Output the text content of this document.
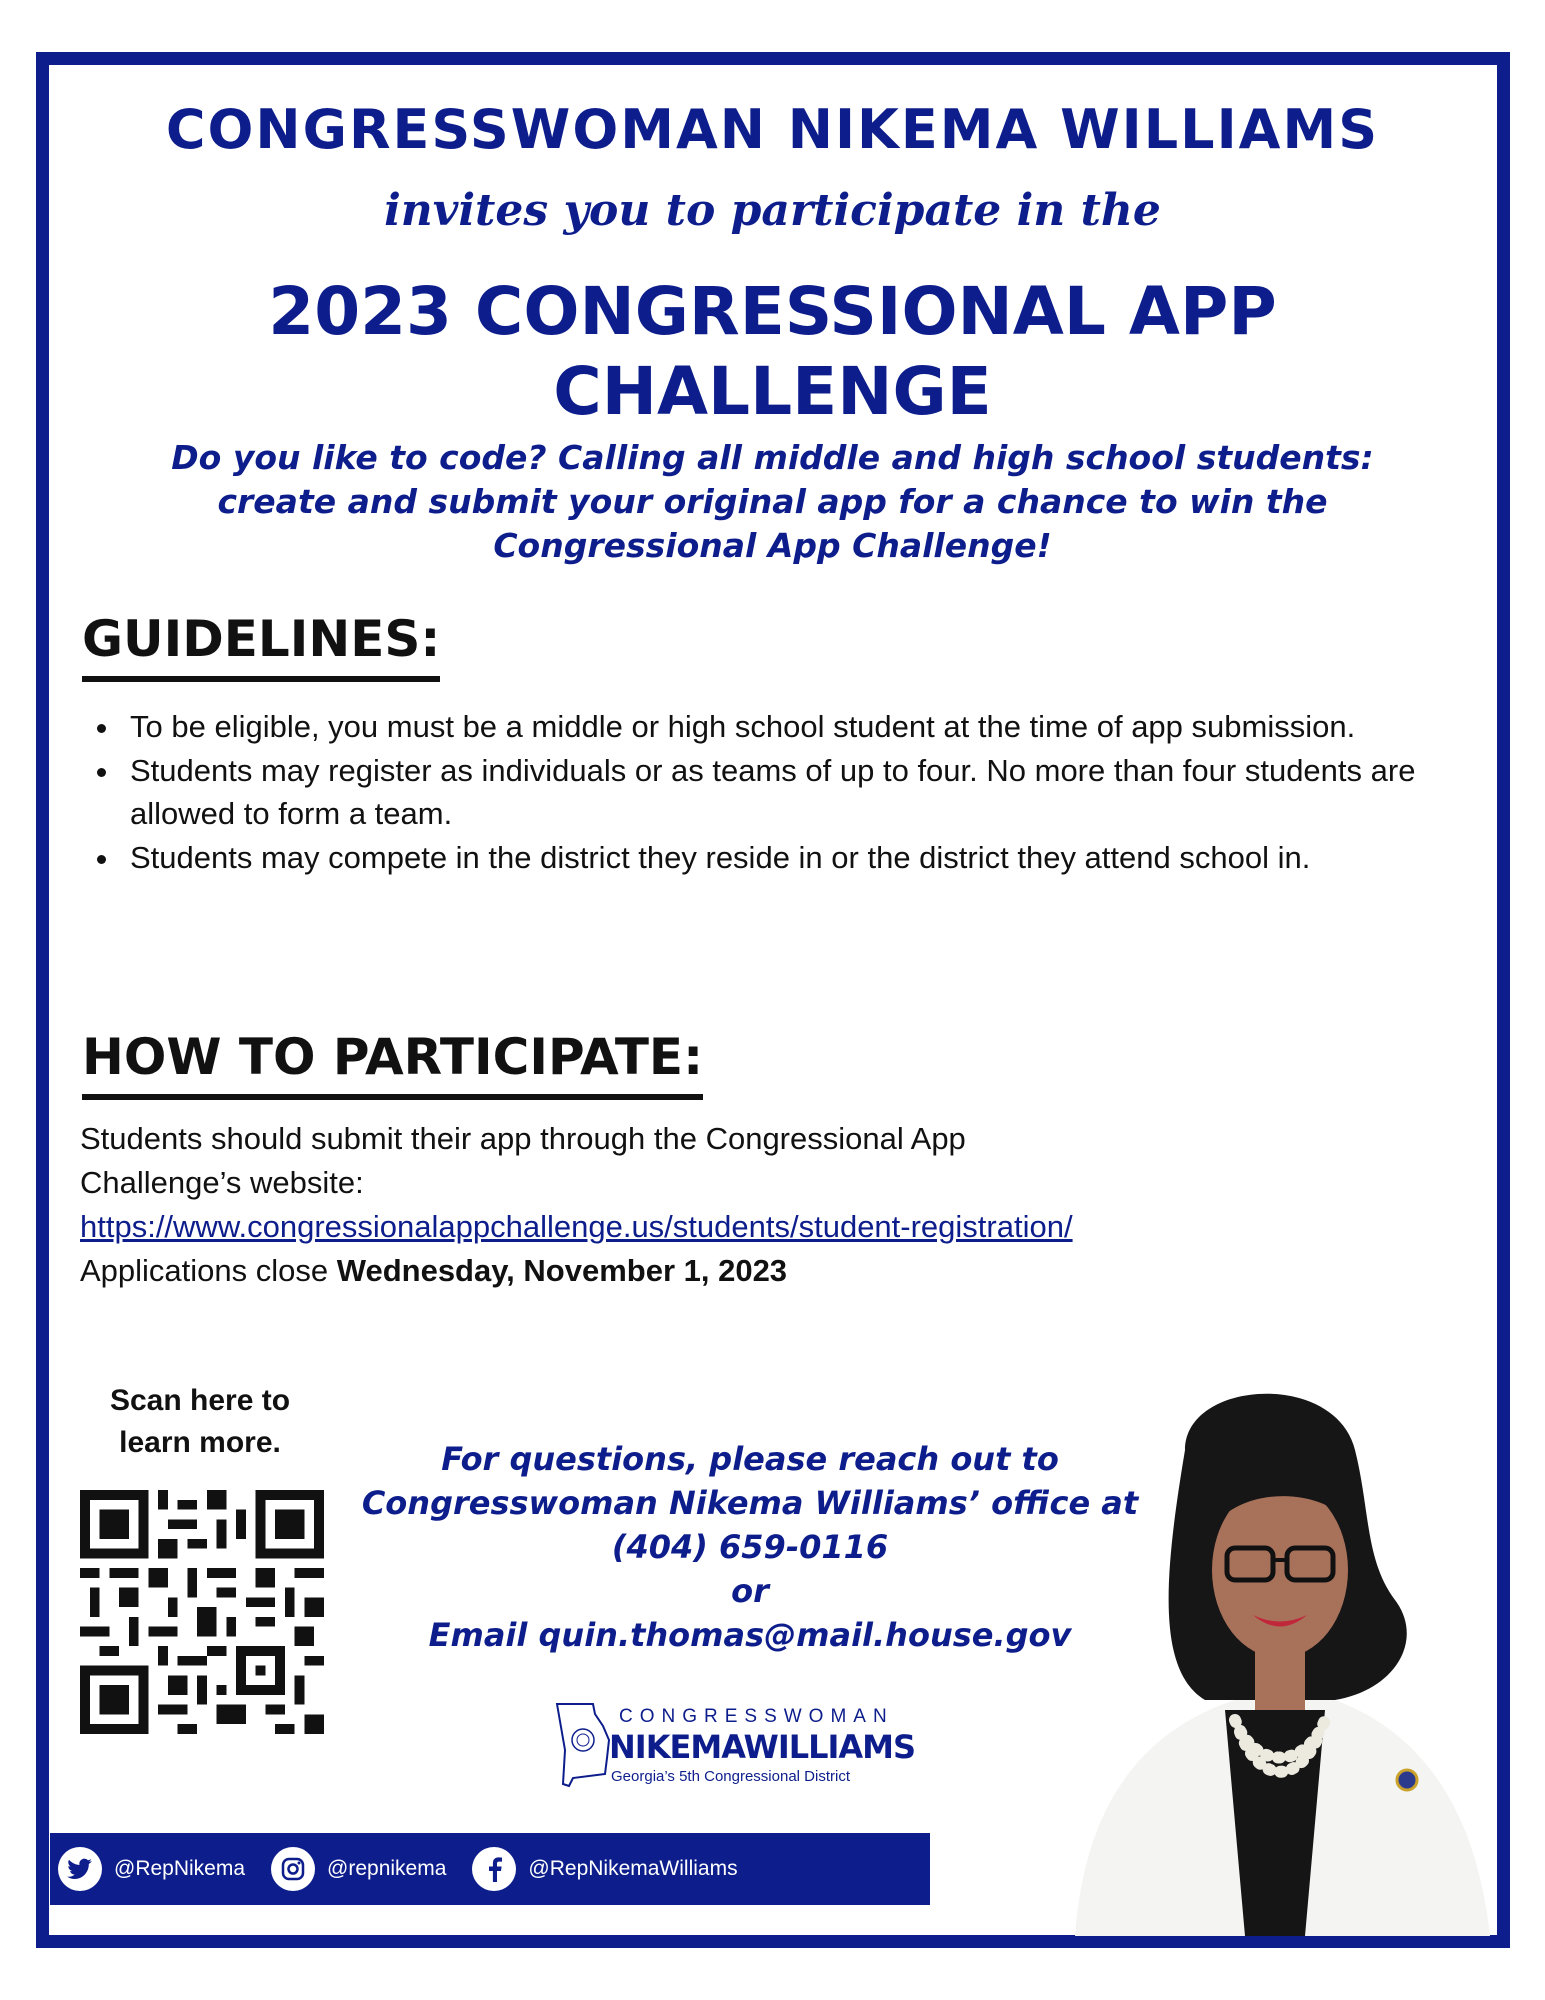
CONGRESSWOMAN NIKEMA WILLIAMS
invites you to participate in the
2023 CONGRESSIONAL APP
CHALLENGE
Do you like to code? Calling all middle and high school students:
create and submit your original app for a chance to win the
Congressional App Challenge!
GUIDELINES:
• To be eligible, you must be a middle or high school student at the time of app submission.
• Students may register as individuals or as teams of up to four. No more than four students are allowed to form a team.
• Students may compete in the district they reside in or the district they attend school in.
HOW TO PARTICIPATE:
Students should submit their app through the Congressional App
Challenge’s website:
https://www.congressionalappchallenge.us/students/student-registration/
Applications close Wednesday, November 1, 2023
Scan here to
learn more.	For questions, please reach out to
Congresswoman Nikema Williams’ office at
(404) 659-0116
or
Email quin.thomas@mail.house.gov
CONGRESSWOMAN
NIKEMAWILLIAMS
Georgia’s 5th Congressional District
@RepNikema	@repnikema	@RepNikemaWilliams
